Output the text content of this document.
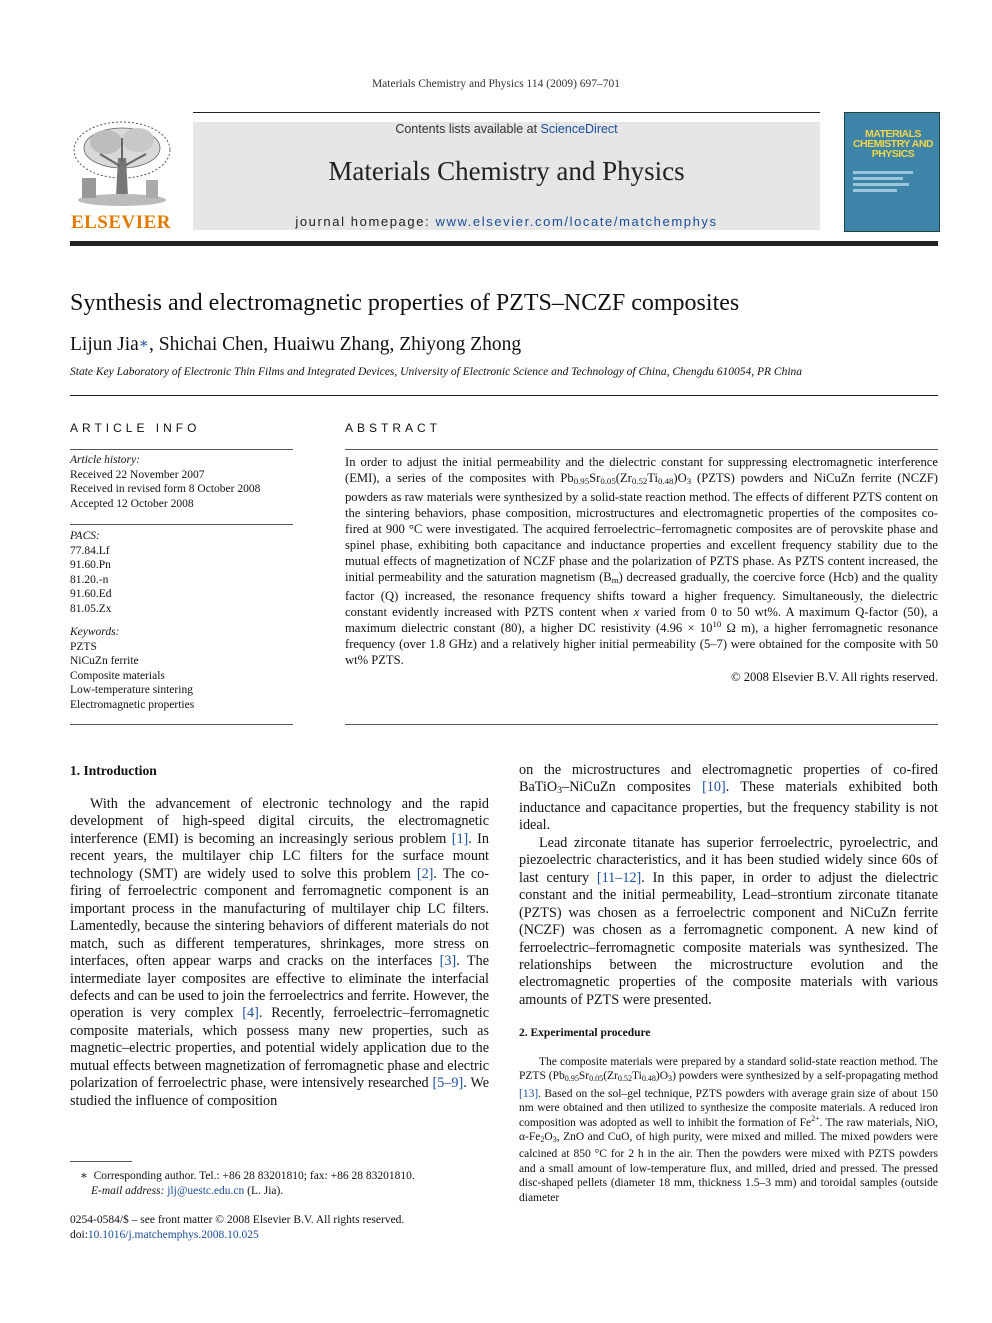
Materials Chemistry and Physics 114 (2009) 697–701
ELSEVIER
Contents lists available at ScienceDirect
Materials Chemistry and Physics
journal homepage: www.elsevier.com/locate/matchemphys
MATERIALS CHEMISTRY AND PHYSICS
Synthesis and electromagnetic properties of PZTS–NCZF composites
Lijun Jia∗, Shichai Chen, Huaiwu Zhang, Zhiyong Zhong
State Key Laboratory of Electronic Thin Films and Integrated Devices, University of Electronic Science and Technology of China, Chengdu 610054, PR China
ARTICLE INFO
Article history:
Received 22 November 2007
Received in revised form 8 October 2008
Accepted 12 October 2008
PACS:
77.84.Lf
91.60.Pn
81.20.-n
91.60.Ed
81.05.Zx
Keywords:
PZTS
NiCuZn ferrite
Composite materials
Low-temperature sintering
Electromagnetic properties
ABSTRACT
In order to adjust the initial permeability and the dielectric constant for suppressing electromagnetic interference (EMI), a series of the composites with $Pb_{0.95}Sr_{0.05}(Zr_{0.52}Ti_{0.48})O_3$ (PZTS) powders and NiCuZn ferrite (NCZF) powders as raw materials were synthesized by a solid-state reaction method. The effects of different PZTS content on the sintering behaviors, phase composition, microstructures and electromagnetic properties of the composites co-fired at 900 °C were investigated. The acquired ferroelectric–ferromagnetic composites are of perovskite phase and spinel phase, exhibiting both capacitance and inductance properties and excellent frequency stability due to the mutual effects of magnetization of NCZF phase and the polarization of PZTS phase. As PZTS content increased, the initial permeability and the saturation magnetism $(B_m)$ decreased gradually, the coercive force (Hcb) and the quality factor (Q) increased, the resonance frequency shifts toward a higher frequency. Simultaneously, the dielectric constant evidently increased with PZTS content when x varied from 0 to 50 wt%. A maximum Q-factor (50), a maximum dielectric constant (80), a higher DC resistivity ($4.96 \times 10^{10}$ Ω m), a higher ferromagnetic resonance frequency (over 1.8 GHz) and a relatively higher initial permeability (5–7) were obtained for the composite with 50 wt% PZTS.
© 2008 Elsevier B.V. All rights reserved.
1. Introduction

With the advancement of electronic technology and the rapid development of high-speed digital circuits, the electromagnetic interference (EMI) is becoming an increasingly serious problem [1]. In recent years, the multilayer chip LC filters for the surface mount technology (SMT) are widely used to solve this problem [2]. The co-firing of ferroelectric component and ferromagnetic component is an important process in the manufacturing of multilayer chip LC filters. Lamentedly, because the sintering behaviors of different materials do not match, such as different temperatures, shrinkages, more stress on interfaces, often appear warps and cracks on the interfaces [3]. The intermediate layer composites are effective to eliminate the interfacial defects and can be used to join the ferroelectrics and ferrite. However, the operation is very complex [4]. Recently, ferroelectric–ferromagnetic composite materials, which possess many new properties, such as magnetic–electric properties, and potential widely application due to the mutual effects between magnetization of ferromagnetic phase and electric polarization of ferroelectric phase, were intensively researched [5–9]. We studied the influence of composition

∗ Corresponding author. Tel.: +86 28 83201810; fax: +86 28 83201810.
E-mail address: jlj@uestc.edu.cn (L. Jia).
0254-0584/$ – see front matter © 2008 Elsevier B.V. All rights reserved.
doi:10.1016/j.matchemphys.2008.10.025

on the microstructures and electromagnetic properties of co-fired BaTiO$_3$–NiCuZn composites [10]. These materials exhibited both inductance and capacitance properties, but the frequency stability is not ideal.

Lead zirconate titanate has superior ferroelectric, pyroelectric, and piezoelectric characteristics, and it has been studied widely since 60s of last century [11–12]. In this paper, in order to adjust the dielectric constant and the initial permeability, Lead–strontium zirconate titanate (PZTS) was chosen as a ferroelectric component and NiCuZn ferrite (NCZF) was chosen as a ferromagnetic component. A new kind of ferroelectric–ferromagnetic composite materials was synthesized. The relationships between the microstructure evolution and the electromagnetic properties of the composite materials with various amounts of PZTS were presented.

2. Experimental procedure

The composite materials were prepared by a standard solid-state reaction method. The PZTS $(Pb_{0.95}Sr_{0.05}(Zr_{0.52}Ti_{0.48})O_3)$ powders were synthesized by a self-propagating method [13]. Based on the sol–gel technique, PZTS powders with average grain size of about 150 nm were obtained and then utilized to synthesize the composite materials. A reduced iron composition was adopted as well to inhibit the formation of $Fe^{2+}$. The raw materials, NiO, $\alpha-Fe_2O_3$, ZnO and CuO, of high purity, were mixed and milled. The mixed powders were calcined at 850 °C for 2 h in the air. Then the powders were mixed with PZTS powders and a small amount of low-temperature flux, and milled, dried and pressed. The pressed disc-shaped pellets (diameter 18 mm, thickness 1.5–3 mm) and toroidal samples (outside diameter
